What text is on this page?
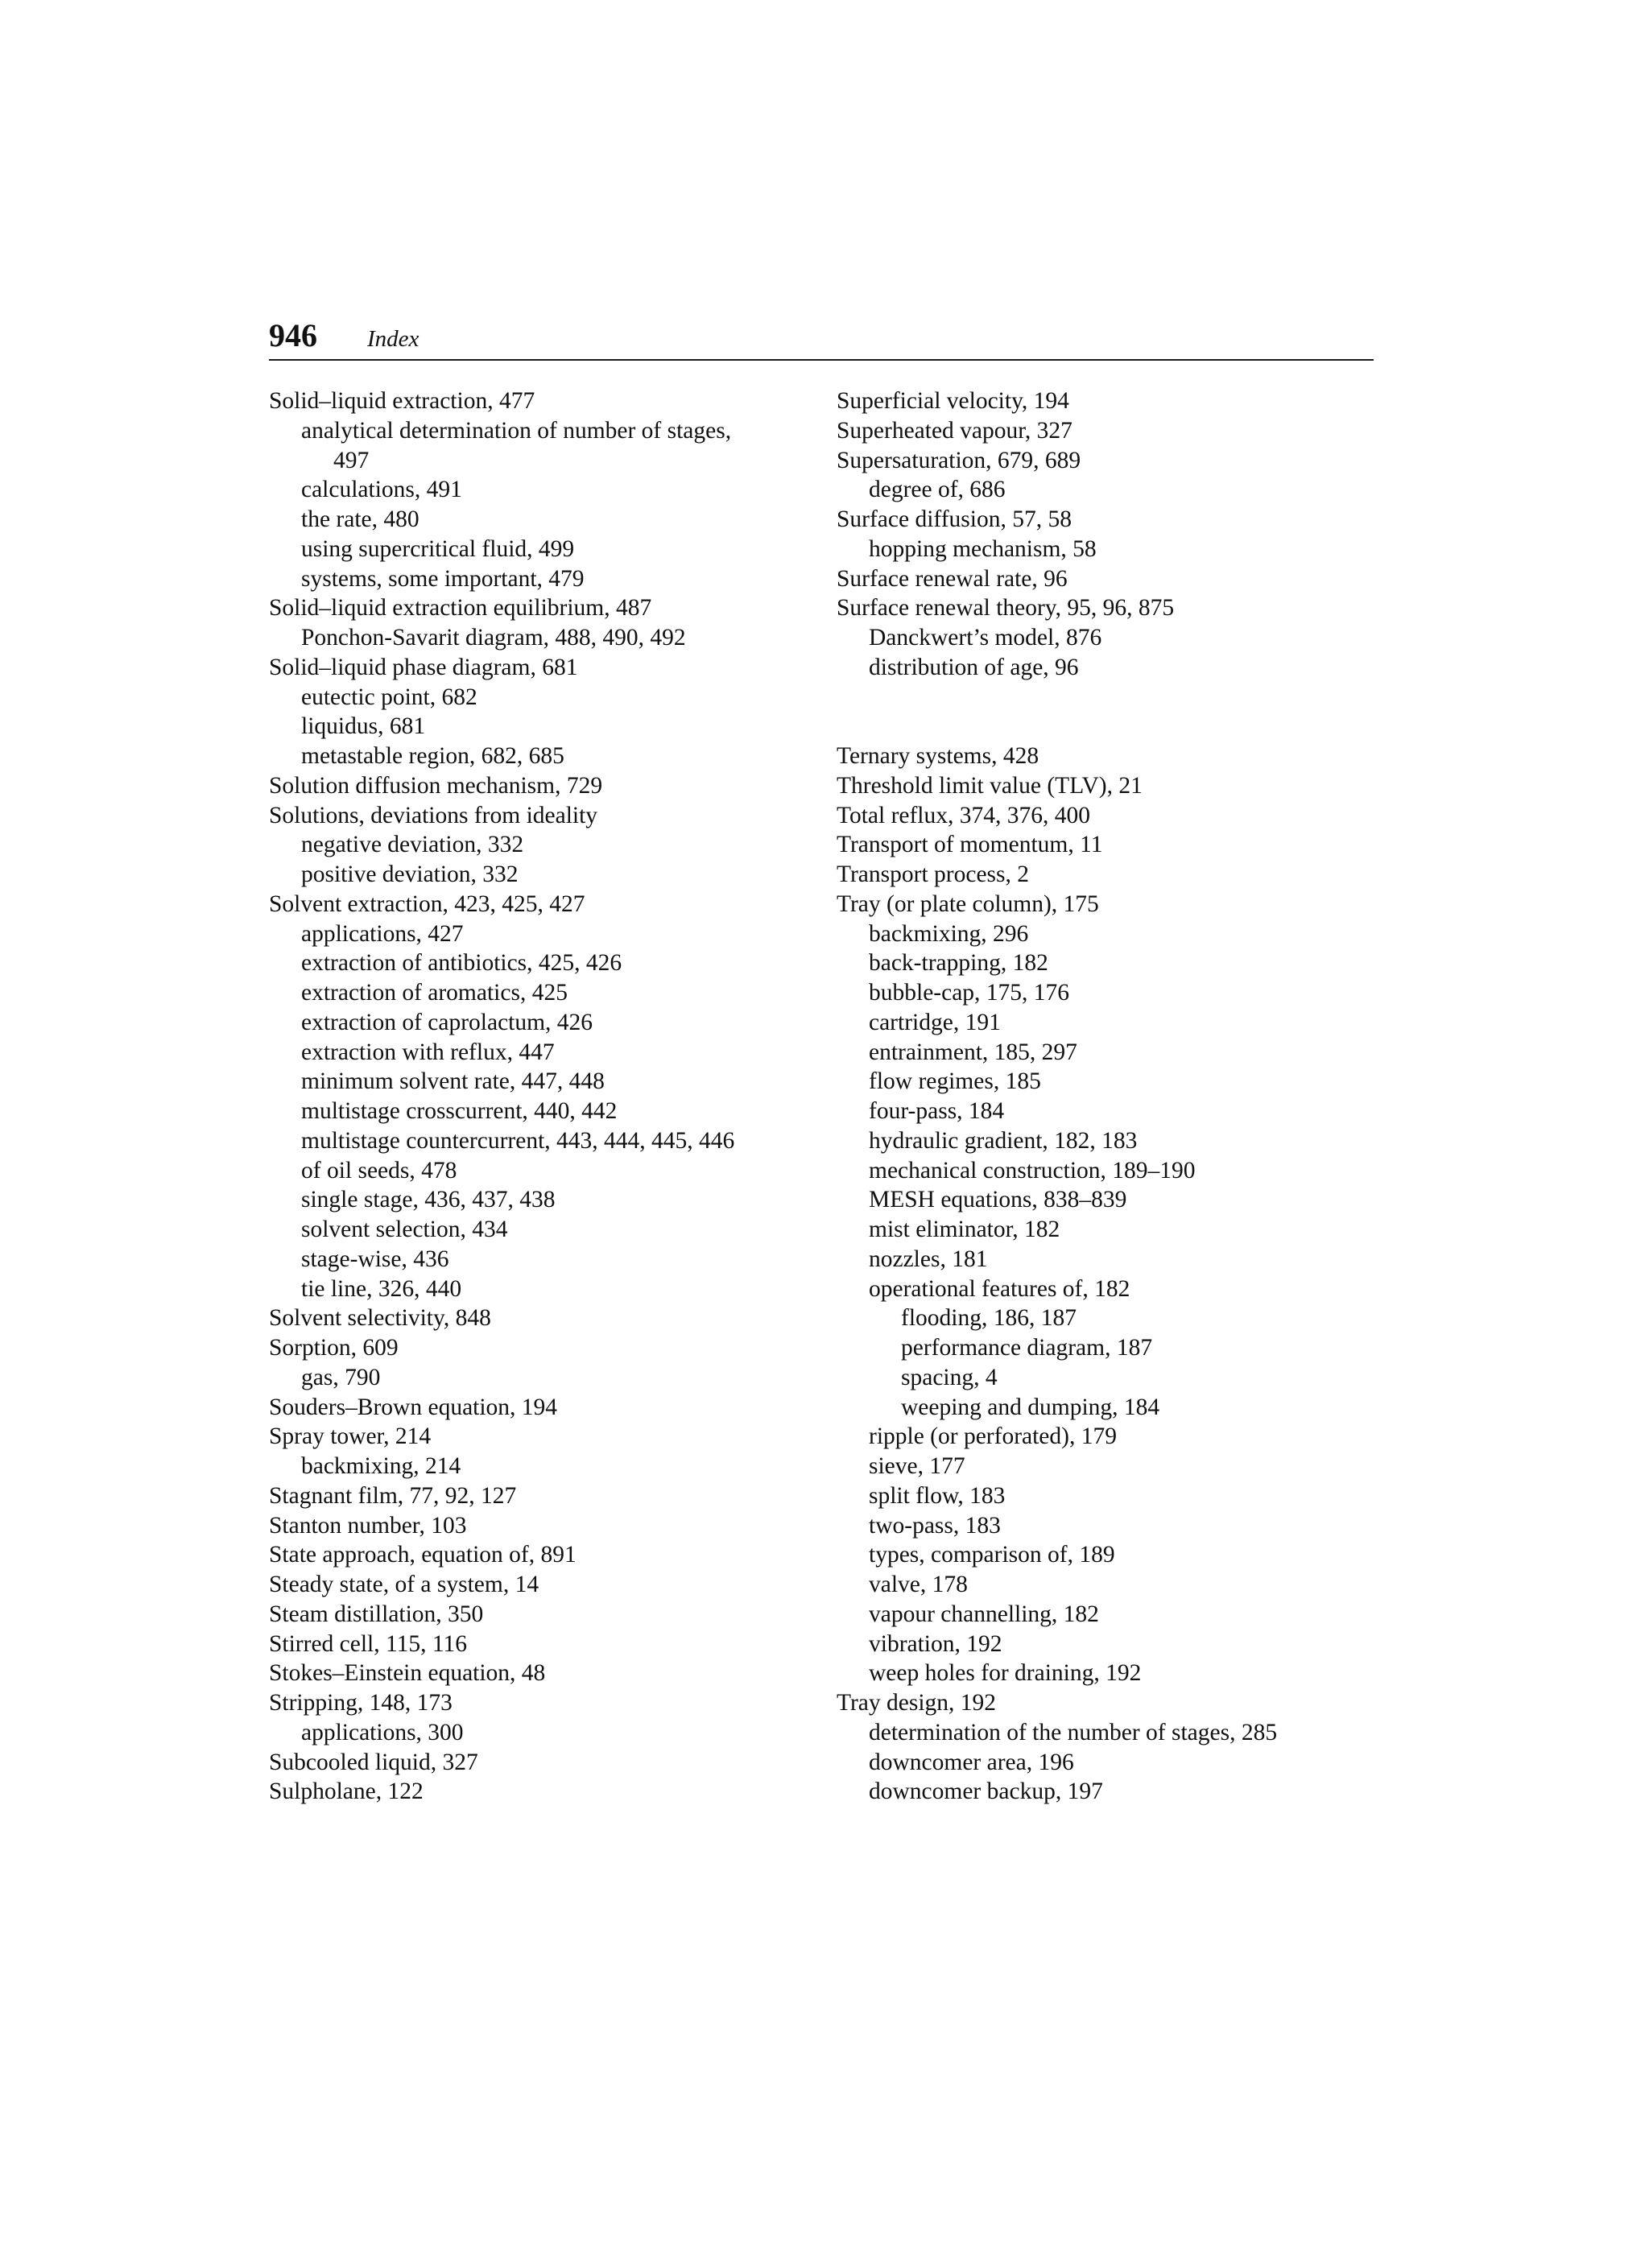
946 Index
Solid–liquid extraction, 477
analytical determination of number of stages,
497
calculations, 491
the rate, 480
using supercritical fluid, 499
systems, some important, 479
Solid–liquid extraction equilibrium, 487
Ponchon-Savarit diagram, 488, 490, 492
Solid–liquid phase diagram, 681
eutectic point, 682
liquidus, 681
metastable region, 682, 685
Solution diffusion mechanism, 729
Solutions, deviations from ideality
negative deviation, 332
positive deviation, 332
Solvent extraction, 423, 425, 427
applications, 427
extraction of antibiotics, 425, 426
extraction of aromatics, 425
extraction of caprolactum, 426
extraction with reflux, 447
minimum solvent rate, 447, 448
multistage crosscurrent, 440, 442
multistage countercurrent, 443, 444, 445, 446
of oil seeds, 478
single stage, 436, 437, 438
solvent selection, 434
stage-wise, 436
tie line, 326, 440
Solvent selectivity, 848
Sorption, 609
gas, 790
Souders–Brown equation, 194
Spray tower, 214
backmixing, 214
Stagnant film, 77, 92, 127
Stanton number, 103
State approach, equation of, 891
Steady state, of a system, 14
Steam distillation, 350
Stirred cell, 115, 116
Stokes–Einstein equation, 48
Stripping, 148, 173
applications, 300
Subcooled liquid, 327
Sulpholane, 122
Superficial velocity, 194
Superheated vapour, 327
Supersaturation, 679, 689
degree of, 686
Surface diffusion, 57, 58
hopping mechanism, 58
Surface renewal rate, 96
Surface renewal theory, 95, 96, 875
Danckwert’s model, 876
distribution of age, 96
Ternary systems, 428
Threshold limit value (TLV), 21
Total reflux, 374, 376, 400
Transport of momentum, 11
Transport process, 2
Tray (or plate column), 175
backmixing, 296
back-trapping, 182
bubble-cap, 175, 176
cartridge, 191
entrainment, 185, 297
flow regimes, 185
four-pass, 184
hydraulic gradient, 182, 183
mechanical construction, 189–190
MESH equations, 838–839
mist eliminator, 182
nozzles, 181
operational features of, 182
flooding, 186, 187
performance diagram, 187
spacing, 4
weeping and dumping, 184
ripple (or perforated), 179
sieve, 177
split flow, 183
two-pass, 183
types, comparison of, 189
valve, 178
vapour channelling, 182
vibration, 192
weep holes for draining, 192
Tray design, 192
determination of the number of stages, 285
downcomer area, 196
downcomer backup, 197
